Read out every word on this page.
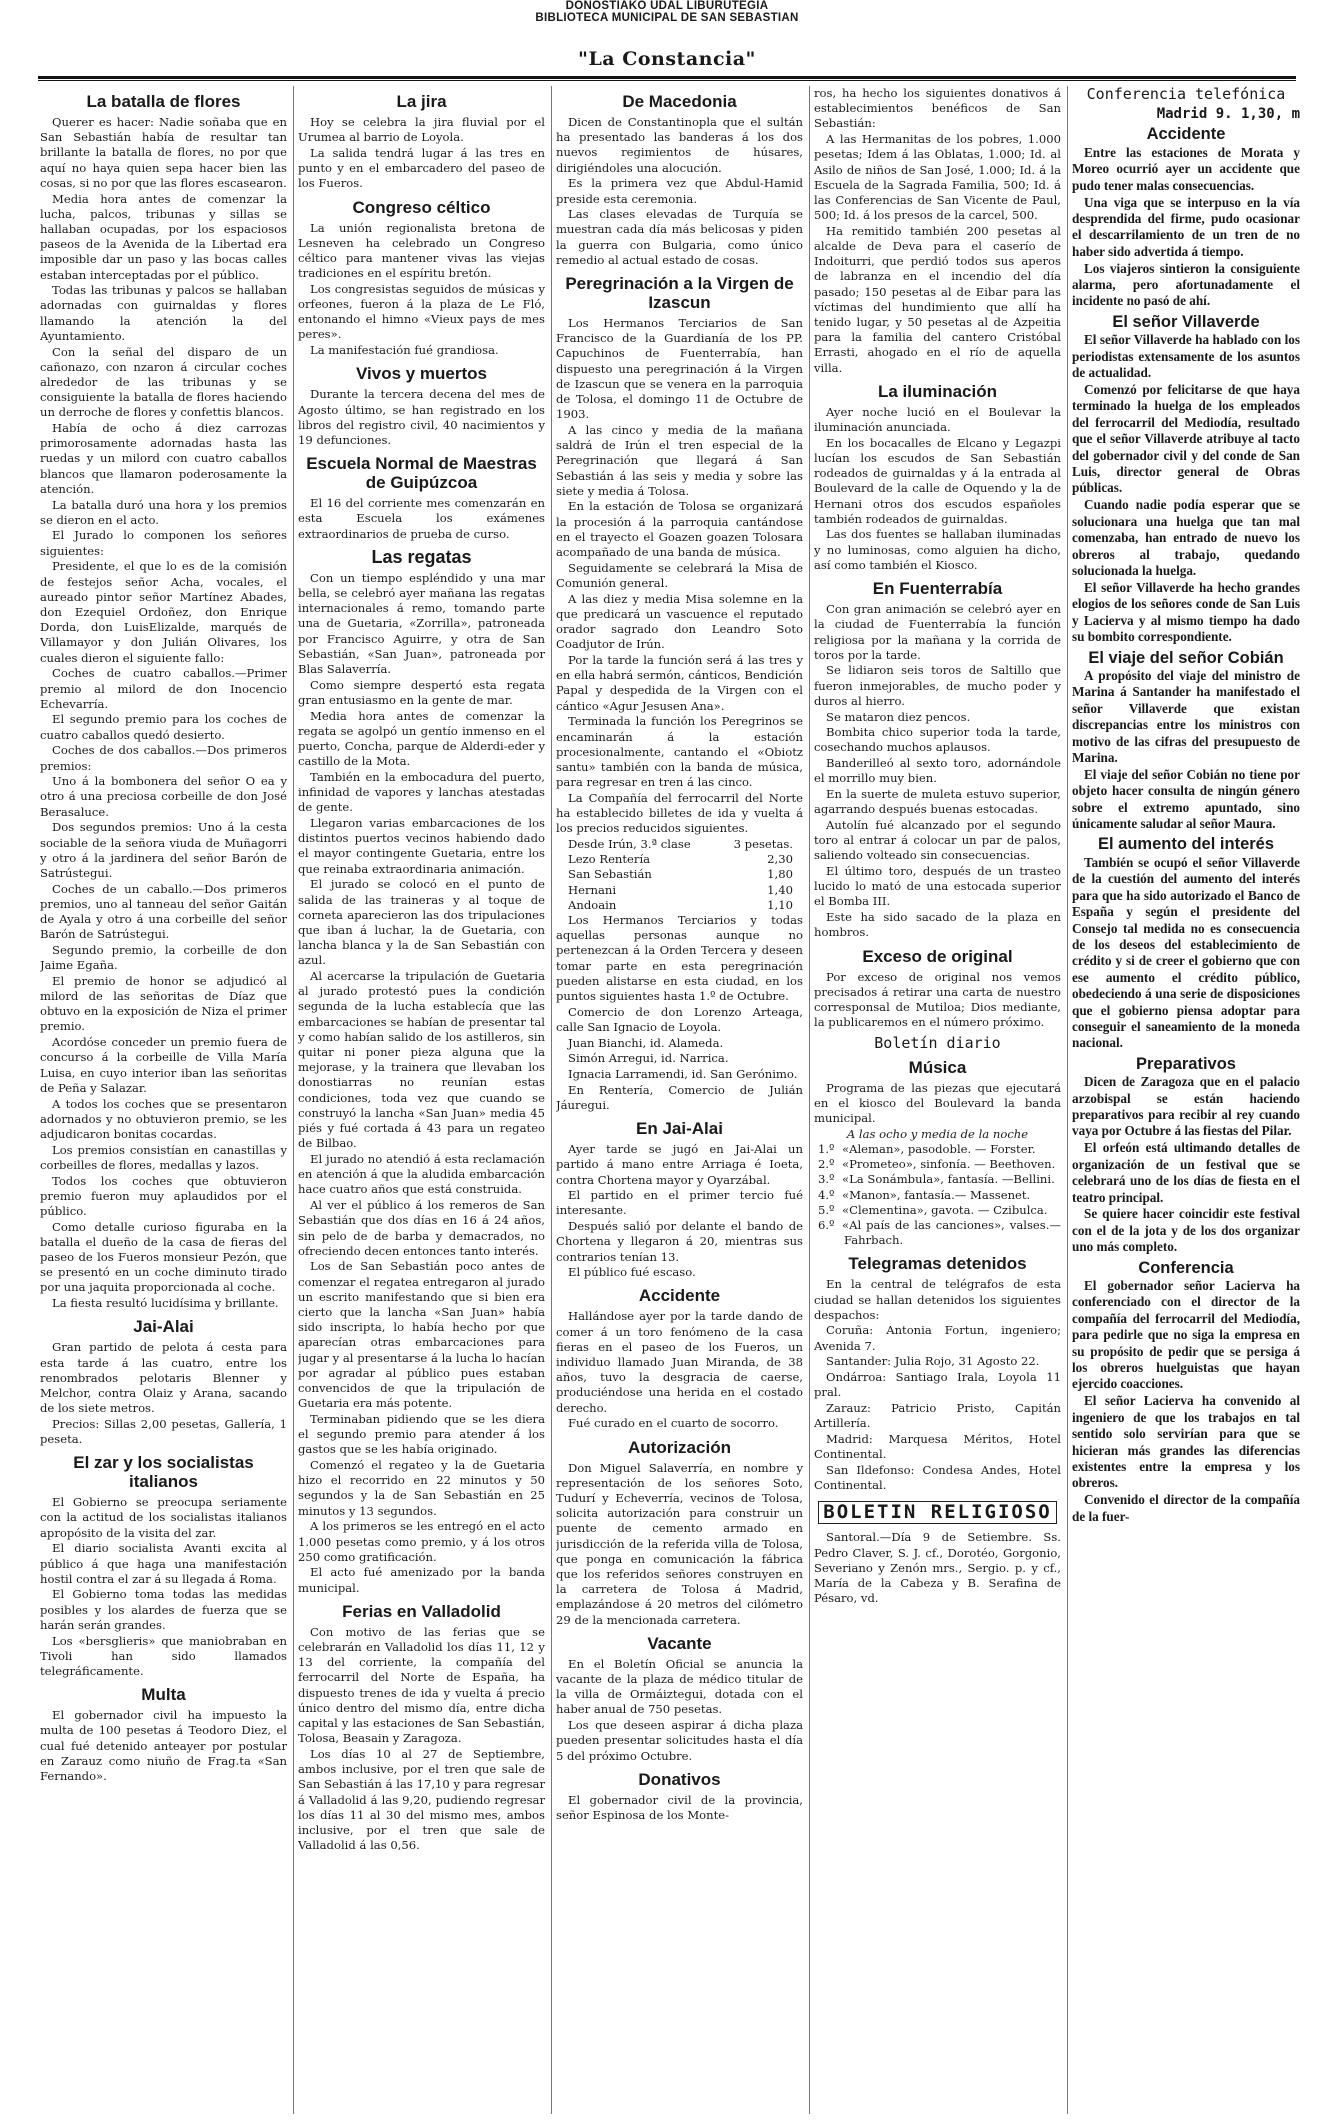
DONOSTIAKO UDAL LIBURUTEGIA
BIBLIOTECA MUNICIPAL DE SAN SEBASTIAN
"La Constancia"
La batalla de flores

Querer es hacer: Nadie soñaba que en San Sebastián había de resultar tan brillante la batalla de flores, no por que aquí no haya quien sepa hacer bien las cosas, si no por que las flores escasearon.

Media hora antes de comenzar la lucha, palcos, tribunas y sillas se hallaban ocupadas, por los espaciosos paseos de la Avenida de la Libertad era imposible dar un paso y las bocas calles estaban interceptadas por el público.

Todas las tribunas y palcos se hallaban adornadas con guirnaldas y flores llamando la atención la del Ayuntamiento.

Con la señal del disparo de un cañonazo, con nzaron á circular coches alrededor de las tribunas y se consiguiente la batalla de flores haciendo un derroche de flores y confettis blancos.

Había de ocho á diez carrozas primorosamente adornadas hasta las ruedas y un milord con cuatro caballos blancos que llamaron poderosamente la atención.

La batalla duró una hora y los premios se dieron en el acto.

El Jurado lo componen los señores siguientes:

Presidente, el que lo es de la comisión de festejos señor Acha, vocales, el aureado pintor señor Martínez Abades, don Ezequiel Ordoñez, don Enrique Dorda, don LuisElizalde, marqués de Villamayor y don Julián Olivares, los cuales dieron el siguiente fallo:

Coches de cuatro caballos.—Primer premio al milord de don Inocencio Echevarría.

El segundo premio para los coches de cuatro caballos quedó desierto.

Coches de dos caballos.—Dos primeros premios:

Uno á la bombonera del señor O ea y otro á una preciosa corbeille de don José Berasaluce.

Dos segundos premios: Uno á la cesta sociable de la señora viuda de Muñagorri y otro á la jardinera del señor Barón de Satrústegui.

Coches de un caballo.—Dos primeros premios, uno al tanneau del señor Gaitán de Ayala y otro á una corbeille del señor Barón de Satrústegui.

Segundo premio, la corbeille de don Jaime Egaña.

El premio de honor se adjudicó al milord de las señoritas de Díaz que obtuvo en la exposición de Niza el primer premio.

Acordóse conceder un premio fuera de concurso á la corbeille de Villa María Luisa, en cuyo interior iban las señoritas de Peña y Salazar.

A todos los coches que se presentaron adornados y no obtuvieron premio, se les adjudicaron bonitas cocardas.

Los premios consistían en canastillas y corbeilles de flores, medallas y lazos.

Todos los coches que obtuvieron premio fueron muy aplaudidos por el público.

Como detalle curioso figuraba en la batalla el dueño de la casa de fieras del paseo de los Fueros monsieur Pezón, que se presentó en un coche diminuto tirado por una jaquita proporcionada al coche.

La fiesta resultó lucidísima y brillante.

Jai-Alai

Gran partido de pelota á cesta para esta tarde á las cuatro, entre los renombrados pelotaris Blenner y Melchor, contra Olaiz y Arana, sacando de los siete metros.

Precios: Sillas 2,00 pesetas, Gallería, 1 peseta.

El zar y los socialistas italianos

El Gobierno se preocupa seriamente con la actitud de los socialistas italianos apropósito de la visita del zar.

El diario socialista Avanti excita al público á que haga una manifestación hostil contra el zar á su llegada á Roma.

El Gobierno toma todas las medidas posibles y los alardes de fuerza que se harán serán grandes.

Los «bersglieris» que maniobraban en Tivoli han sido llamados telegráficamente.

Multa

El gobernador civil ha impuesto la multa de 100 pesetas á Teodoro Diez, el cual fué detenido anteayer por postular en Zarauz como niuño de Frag.ta «San Fernando».

La jira

Hoy se celebra la jira fluvial por el Urumea al barrio de Loyola.

La salida tendrá lugar á las tres en punto y en el embarcadero del paseo de los Fueros.

Congreso céltico

La unión regionalista bretona de Lesneven ha celebrado un Congreso céltico para mantener vivas las viejas tradiciones en el espíritu bretón.

Los congresistas seguidos de músicas y orfeones, fueron á la plaza de Le Fló, entonando el himno «Vieux pays de mes peres».

La manifestación fué grandiosa.

Vivos y muertos

Durante la tercera decena del mes de Agosto último, se han registrado en los libros del registro civil, 40 nacimientos y 19 defunciones.

Escuela Normal de Maestras de Guipúzcoa

El 16 del corriente mes comenzarán en esta Escuela los exámenes extraordinarios de prueba de curso.

Las regatas

Con un tiempo espléndido y una mar bella, se celebró ayer mañana las regatas internacionales á remo, tomando parte una de Guetaria, «Zorrilla», patroneada por Francisco Aguirre, y otra de San Sebastián, «San Juan», patroneada por Blas Salaverría.

Como siempre despertó esta regata gran entusiasmo en la gente de mar.

Media hora antes de comenzar la regata se agolpó un gentío inmenso en el puerto, Concha, parque de Alderdi-eder y castillo de la Mota.

También en la embocadura del puerto, infinidad de vapores y lanchas atestadas de gente.

Llegaron varias embarcaciones de los distintos puertos vecinos habiendo dado el mayor contingente Guetaria, entre los que reinaba extraordinaria animación.

El jurado se colocó en el punto de salida de las traineras y al toque de corneta aparecieron las dos tripulaciones que iban á luchar, la de Guetaria, con lancha blanca y la de San Sebastián con azul.

Al acercarse la tripulación de Guetaria al jurado protestó pues la condición segunda de la lucha establecía que las embarcaciones se habían de presentar tal y como habían salido de los astilleros, sin quitar ni poner pieza alguna que la mejorase, y la trainera que llevaban los donostiarras no reunían estas condiciones, toda vez que cuando se construyó la lancha «San Juan» media 45 piés y fué cortada á 43 para un regateo de Bilbao.

El jurado no atendió á esta reclamación en atención á que la aludida embarcación hace cuatro años que está construida.

Al ver el público á los remeros de San Sebastián que dos días en 16 á 24 años, sin pelo de de barba y demacrados, no ofreciendo decen entonces tanto interés.

Los de San Sebastián poco antes de comenzar el regatea entregaron al jurado un escrito manifestando que si bien era cierto que la lancha «San Juan» había sido inscripta, lo había hecho por que aparecían otras embarcaciones para jugar y al presentarse á la lucha lo hacían por agradar al público pues estaban convencidos de que la tripulación de Guetaria era más potente.

Terminaban pidiendo que se les diera el segundo premio para atender á los gastos que se les había originado.

Comenzó el regateo y la de Guetaria hizo el recorrido en 22 minutos y 50 segundos y la de San Sebastián en 25 minutos y 13 segundos.

A los primeros se les entregó en el acto 1.000 pesetas como premio, y á los otros 250 como gratificación.

El acto fué amenizado por la banda municipal.

Ferias en Valladolid

Con motivo de las ferias que se celebrarán en Valladolid los días 11, 12 y 13 del corriente, la compañía del ferrocarril del Norte de España, ha dispuesto trenes de ida y vuelta á precio único dentro del mismo día, entre dicha capital y las estaciones de San Sebastián, Tolosa, Beasain y Zaragoza.

Los días 10 al 27 de Septiembre, ambos inclusive, por el tren que sale de San Sebastián á las 17,10 y para regresar á Valladolid á las 9,20, pudiendo regresar los días 11 al 30 del mismo mes, ambos inclusive, por el tren que sale de Valladolid á las 0,56.

De Macedonia

Dicen de Constantinopla que el sultán ha presentado las banderas á los dos nuevos regimientos de húsares, dirigiéndoles una alocución.

Es la primera vez que Abdul-Hamid preside esta ceremonia.

Las clases elevadas de Turquía se muestran cada día más belicosas y piden la guerra con Bulgaria, como único remedio al actual estado de cosas.

Peregrinación a la Virgen de Izascun

Los Hermanos Terciarios de San Francisco de la Guardianía de los PP. Capuchinos de Fuenterrabía, han dispuesto una peregrinación á la Virgen de Izascun que se venera en la parroquia de Tolosa, el domingo 11 de Octubre de 1903.

A las cinco y media de la mañana saldrá de Irún el tren especial de la Peregrinación que llegará á San Sebastián á las seis y media y sobre las siete y media á Tolosa.

En la estación de Tolosa se organizará la procesión á la parroquia cantándose en el trayecto el Goazen goazen Tolosara acompañado de una banda de música.

Seguidamente se celebrará la Misa de Comunión general.

A las diez y media Misa solemne en la que predicará un vascuence el reputado orador sagrado don Leandro Soto Coadjutor de Irún.

Por la tarde la función será á las tres y en ella habrá sermón, cánticos, Bendición Papal y despedida de la Virgen con el cántico «Agur Jesusen Ana».

Terminada la función los Peregrinos se encaminarán á la estación procesionalmente, cantando el «Obiotz santu» también con la banda de música, para regresar en tren á las cinco.

La Compañía del ferrocarril del Norte ha establecido billetes de ida y vuelta á los precios reducidos siguientes.

Desde Irún, 3.ª clase	3 pesetas.
Lezo Rentería	2,30
San Sebastián	1,80
Hernani	1,40
Andoain	1,10

Los Hermanos Terciarios y todas aquellas personas aunque no pertenezcan á la Orden Tercera y deseen tomar parte en esta peregrinación pueden alistarse en esta ciudad, en los puntos siguientes hasta 1.º de Octubre.

Comercio de don Lorenzo Arteaga, calle San Ignacio de Loyola.

Juan Bianchi, id. Alameda.

Simón Arregui, id. Narrica.

Ignacia Larramendi, id. San Gerónimo.

En Rentería, Comercio de Julián Jáuregui.

En Jai-Alai

Ayer tarde se jugó en Jai-Alai un partido á mano entre Arriaga é Ioeta, contra Chortena mayor y Oyarzábal.

El partido en el primer tercio fué interesante.

Después salió por delante el bando de Chortena y llegaron á 20, mientras sus contrarios tenían 13.

El público fué escaso.

Accidente

Hallándose ayer por la tarde dando de comer á un toro fenómeno de la casa fieras en el paseo de los Fueros, un individuo llamado Juan Miranda, de 38 años, tuvo la desgracia de caerse, produciéndose una herida en el costado derecho.

Fué curado en el cuarto de socorro.

Autorización

Don Miguel Salaverría, en nombre y representación de los señores Soto, Tudurí y Echeverría, vecinos de Tolosa, solicita autorización para construir un puente de cemento armado en jurisdicción de la referida villa de Tolosa, que ponga en comunicación la fábrica que los referidos señores construyen en la carretera de Tolosa á Madrid, emplazándose á 20 metros del cilómetro 29 de la mencionada carretera.

Vacante

En el Boletín Oficial se anuncia la vacante de la plaza de médico titular de la villa de Ormáiztegui, dotada con el haber anual de 750 pesetas.

Los que deseen aspirar á dicha plaza pueden presentar solicitudes hasta el día 5 del próximo Octubre.

Donativos

El gobernador civil de la provincia, señor Espinosa de los Monte-

ros, ha hecho los siguientes donativos á establecimientos benéficos de San Sebastián:

A las Hermanitas de los pobres, 1.000 pesetas; Idem á las Oblatas, 1.000; Id. al Asilo de niños de San José, 1.000; Id. á la Escuela de la Sagrada Familia, 500; Id. á las Conferencias de San Vicente de Paul, 500; Id. á los presos de la carcel, 500.

Ha remitido también 200 pesetas al alcalde de Deva para el caserío de Indoiturri, que perdió todos sus aperos de labranza en el incendio del día pasado; 150 pesetas al de Eibar para las víctimas del hundimiento que allí ha tenido lugar, y 50 pesetas al de Azpeitia para la familia del cantero Cristóbal Errasti, ahogado en el río de aquella villa.

La iluminación

Ayer noche lució en el Boulevar la iluminación anunciada.

En los bocacalles de Elcano y Legazpi lucían los escudos de San Sebastián rodeados de guirnaldas y á la entrada al Boulevard de la calle de Oquendo y la de Hernani otros dos escudos españoles también rodeados de guirnaldas.

Las dos fuentes se hallaban iluminadas y no luminosas, como alguien ha dicho, así como también el Kiosco.

En Fuenterrabía

Con gran animación se celebró ayer en la ciudad de Fuenterrabía la función religiosa por la mañana y la corrida de toros por la tarde.

Se lidiaron seis toros de Saltillo que fueron inmejorables, de mucho poder y duros al hierro.

Se mataron diez pencos.

Bombita chico superior toda la tarde, cosechando muchos aplausos.

Banderilleó al sexto toro, adornándole el morrillo muy bien.

En la suerte de muleta estuvo superior, agarrando después buenas estocadas.

Autolín fué alcanzado por el segundo toro al entrar á colocar un par de palos, saliendo volteado sin consecuencias.

El último toro, después de un trasteo lucido lo mató de una estocada superior el Bomba III.

Este ha sido sacado de la plaza en hombros.

Exceso de original

Por exceso de original nos vemos precisados á retirar una carta de nuestro corresponsal de Mutiloa; Dios mediante, la publicaremos en el número próximo.

Boletín diario
Música

Programa de las piezas que ejecutará en el kiosco del Boulevard la banda municipal.

A las ocho y media de la noche
1.º «Aleman», pasodoble. — Forster.
2.º «Prometeo», sinfonía. — Beethoven.
3.º «La Sonámbula», fantasía. —Bellini.
4.º «Manon», fantasía.— Massenet.
5.º «Clementina», gavota. — Czibulca.
6.º «Al país de las canciones», valses.—Fahrbach.
Telegramas detenidos

En la central de telégrafos de esta ciudad se hallan detenidos los siguientes despachos:

Coruña: Antonia Fortun, ingeniero; Avenida 7.

Santander: Julia Rojo, 31 Agosto 22.

Ondárroa: Santiago Irala, Loyola 11 pral.

Zarauz: Patricio Pristo, Capitán Artillería.

Madrid: Marquesa Méritos, Hotel Continental.

San Ildefonso: Condesa Andes, Hotel Continental.

BOLETIN RELIGIOSO

Santoral.—Día 9 de Setiembre. Ss. Pedro Claver, S. J. cf., Dorotéo, Gorgonio, Severiano y Zenón mrs., Sergio. p. y cf., María de la Cabeza y B. Serafina de Pésaro, vd.

Conferencia telefónica
Madrid 9. 1,30, m
Accidente

Entre las estaciones de Morata y Moreo ocurrió ayer un accidente que pudo tener malas consecuencias.

Una viga que se interpuso en la vía desprendida del firme, pudo ocasionar el descarrilamiento de un tren de no haber sido advertida á tiempo.

Los viajeros sintieron la consiguiente alarma, pero afortunadamente el incidente no pasó de ahí.

El señor Villaverde

El señor Villaverde ha hablado con los periodistas extensamente de los asuntos de actualidad.

Comenzó por felicitarse de que haya terminado la huelga de los empleados del ferrocarril del Mediodía, resultado que el señor Villaverde atribuye al tacto del gobernador civil y del conde de San Luis, director general de Obras públicas.

Cuando nadie podía esperar que se solucionara una huelga que tan mal comenzaba, han entrado de nuevo los obreros al trabajo, quedando solucionada la huelga.

El señor Villaverde ha hecho grandes elogios de los señores conde de San Luis y Lacierva y al mismo tiempo ha dado su bombito correspondiente.

El viaje del señor Cobián

A propósito del viaje del ministro de Marina á Santander ha manifestado el señor Villaverde que existan discrepancias entre los ministros con motivo de las cifras del presupuesto de Marina.

El viaje del señor Cobián no tiene por objeto hacer consulta de ningún género sobre el extremo apuntado, sino únicamente saludar al señor Maura.

El aumento del interés

También se ocupó el señor Villaverde de la cuestión del aumento del interés para que ha sido autorizado el Banco de España y según el presidente del Consejo tal medida no es consecuencia de los deseos del establecimiento de crédito y si de creer el gobierno que con ese aumento el crédito público, obedeciendo á una serie de disposiciones que el gobierno piensa adoptar para conseguir el saneamiento de la moneda nacional.

Preparativos

Dicen de Zaragoza que en el palacio arzobispal se están haciendo preparativos para recibir al rey cuando vaya por Octubre á las fiestas del Pilar.

El orfeón está ultimando detalles de organización de un festival que se celebrará uno de los días de fiesta en el teatro principal.

Se quiere hacer coincidir este festival con el de la jota y de los dos organizar uno más completo.

Conferencia

El gobernador señor Lacierva ha conferenciado con el director de la compañía del ferrocarril del Mediodía, para pedirle que no siga la empresa en su propósito de pedir que se persiga á los obreros huelguistas que hayan ejercido coacciones.

El señor Lacierva ha convenido al ingeniero de que los trabajos en tal sentido solo servirían para que se hicieran más grandes las diferencias existentes entre la empresa y los obreros.

Convenido el director de la compañía de la fuer-
